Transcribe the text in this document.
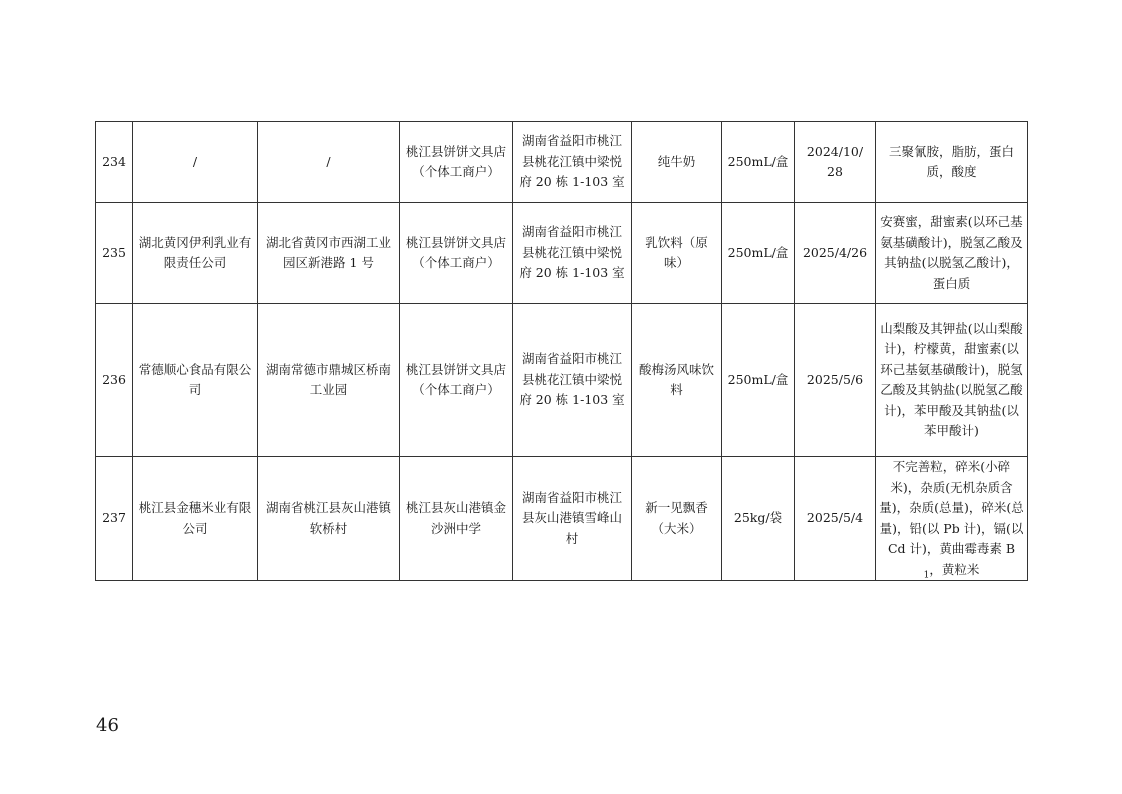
234	/	/	桃江县饼饼文具店（个体工商户）	湖南省益阳市桃江县桃花江镇中梁悦府 20 栋 1-103 室	纯牛奶	250mL/盒	2024/10/28	三聚氰胺，脂肪，蛋白质，酸度
235	湖北黄冈伊利乳业有限责任公司	湖北省黄冈市西湖工业园区新港路 1 号	桃江县饼饼文具店（个体工商户）	湖南省益阳市桃江县桃花江镇中梁悦府 20 栋 1-103 室	乳饮料（原味）	250mL/盒	2025/4/26	安赛蜜，甜蜜素(以环己基氨基磺酸计)，脱氢乙酸及其钠盐(以脱氢乙酸计)，蛋白质
236	常德顺心食品有限公司	湖南常德市鼎城区桥南工业园	桃江县饼饼文具店（个体工商户）	湖南省益阳市桃江县桃花江镇中梁悦府 20 栋 1-103 室	酸梅汤风味饮料	250mL/盒	2025/5/6	山梨酸及其钾盐(以山梨酸计)，柠檬黄，甜蜜素(以环己基氨基磺酸计)，脱氢乙酸及其钠盐(以脱氢乙酸计)，苯甲酸及其钠盐(以苯甲酸计)
237	桃江县金穗米业有限公司	湖南省桃江县灰山港镇软桥村	桃江县灰山港镇金沙洲中学	湖南省益阳市桃江县灰山港镇雪峰山村	新一见飘香（大米）	25kg/袋	2025/5/4	不完善粒，碎米(小碎米)，杂质(无机杂质含量)，杂质(总量)，碎米(总量)，铅(以 Pb 计)，镉(以 Cd 计)，黄曲霉毒素 $B_1$，黄粒米
46
